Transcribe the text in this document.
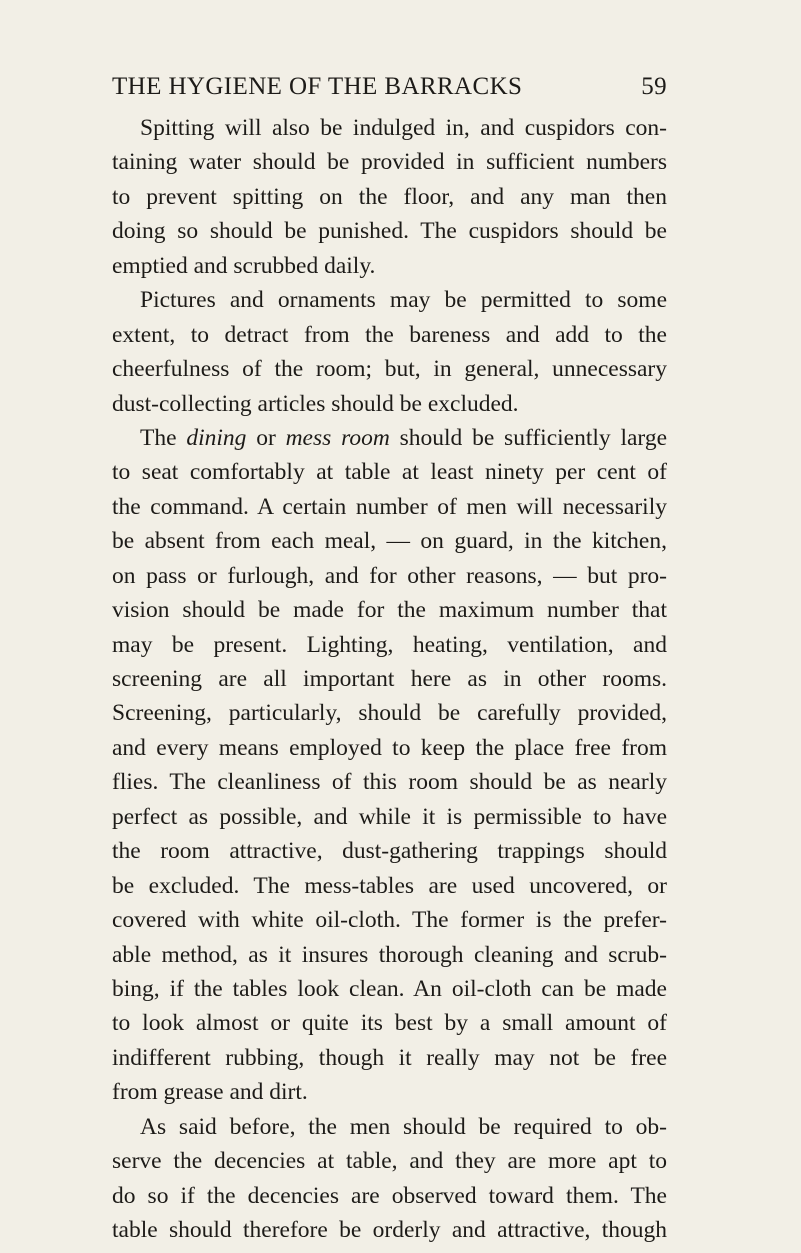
THE HYGIENE OF THE BARRACKS	59
Spitting will also be indulged in, and cuspidors con-
taining water should be provided in sufficient numbers
to prevent spitting on the floor, and any man then
doing so should be punished. The cuspidors should be
emptied and scrubbed daily.
Pictures and ornaments may be permitted to some
extent, to detract from the bareness and add to the
cheerfulness of the room; but, in general, unnecessary
dust-collecting articles should be excluded.
The dining or mess room should be sufficiently large
to seat comfortably at table at least ninety per cent of
the command. A certain number of men will necessarily
be absent from each meal, — on guard, in the kitchen,
on pass or furlough, and for other reasons, — but pro-
vision should be made for the maximum number that
may be present. Lighting, heating, ventilation, and
screening are all important here as in other rooms.
Screening, particularly, should be carefully provided,
and every means employed to keep the place free from
flies. The cleanliness of this room should be as nearly
perfect as possible, and while it is permissible to have
the room attractive, dust-gathering trappings should
be excluded. The mess-tables are used uncovered, or
covered with white oil-cloth. The former is the prefer-
able method, as it insures thorough cleaning and scrub-
bing, if the tables look clean. An oil-cloth can be made
to look almost or quite its best by a small amount of
indifferent rubbing, though it really may not be free
from grease and dirt.
As said before, the men should be required to ob-
serve the decencies at table, and they are more apt to
do so if the decencies are observed toward them. The
table should therefore be orderly and attractive, though
